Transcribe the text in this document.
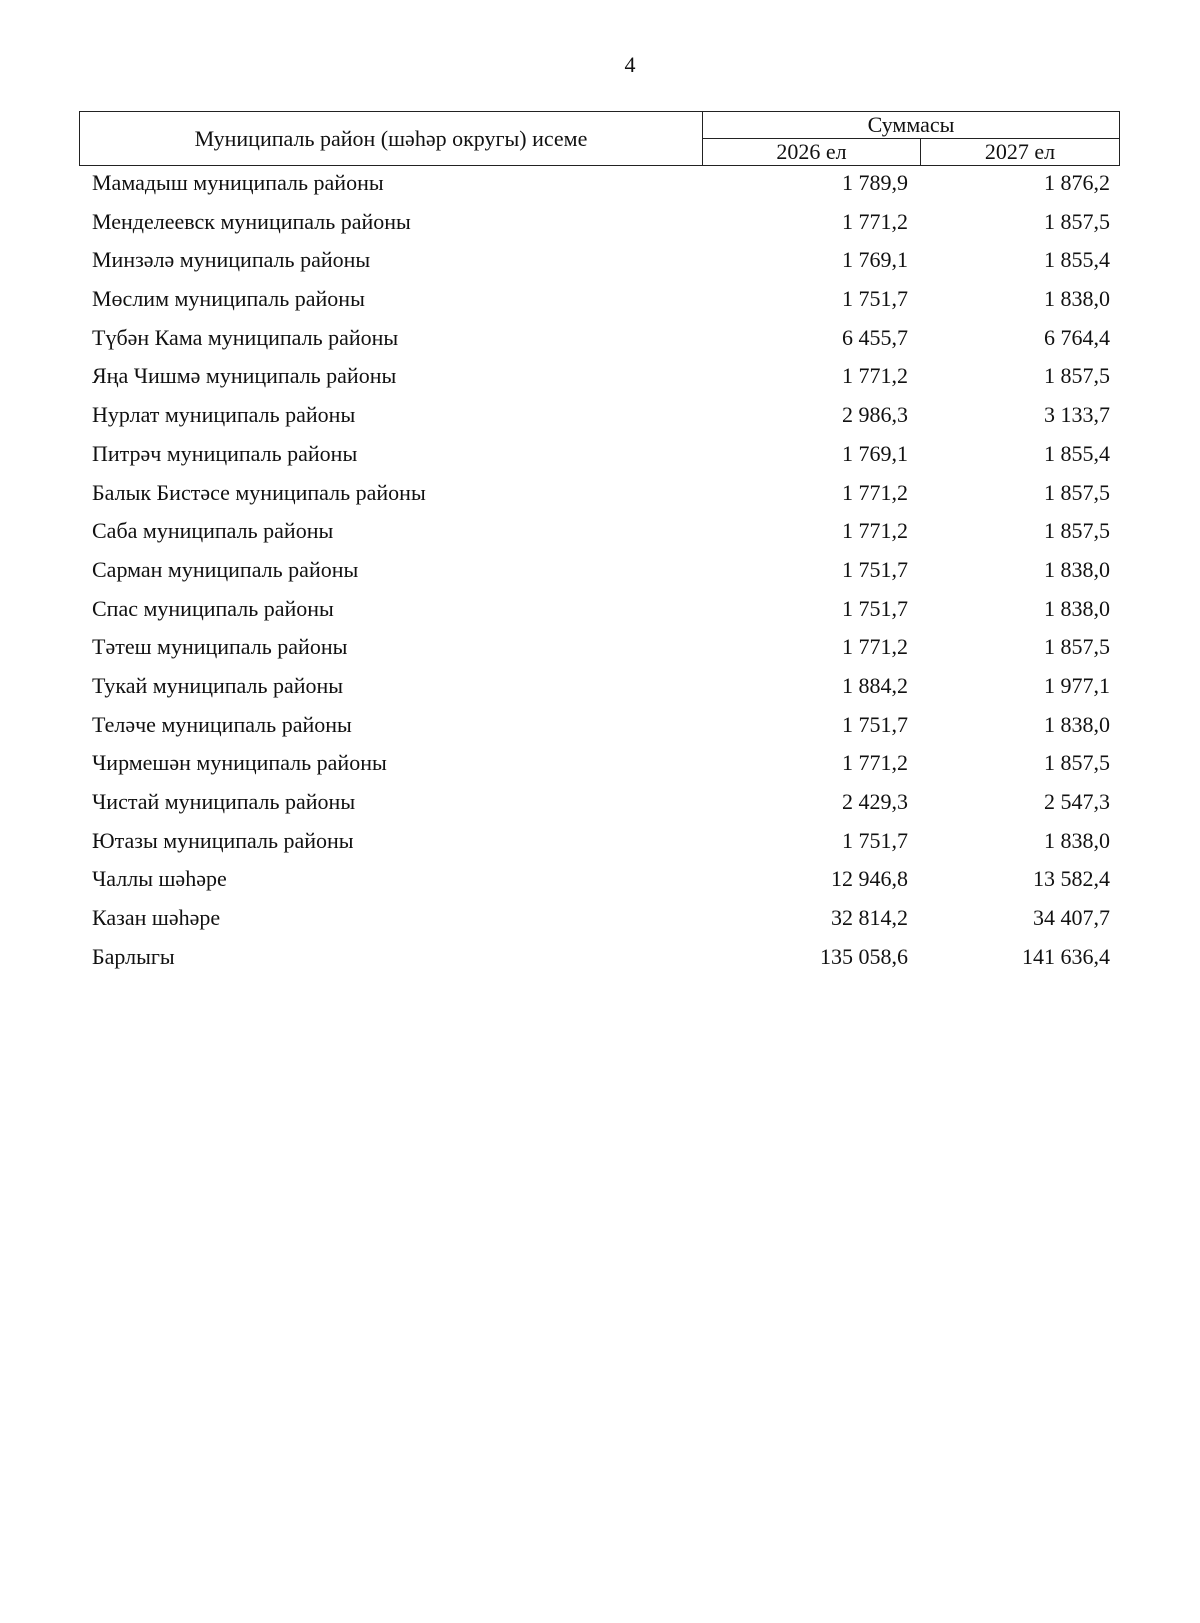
4
Муниципаль район (шәһәр округы) исеме	Суммасы	
	2026 ел	2027 ел
Мамадыш муниципаль районы	1 789,9	1 876,2
Менделеевск муниципаль районы	1 771,2	1 857,5
Минзәлә муниципаль районы	1 769,1	1 855,4
Мөслим муниципаль районы	1 751,7	1 838,0
Түбән Кама муниципаль районы	6 455,7	6 764,4
Яңа Чишмә муниципаль районы	1 771,2	1 857,5
Нурлат муниципаль районы	2 986,3	3 133,7
Питрәч муниципаль районы	1 769,1	1 855,4
Балык Бистәсе муниципаль районы	1 771,2	1 857,5
Саба муниципаль районы	1 771,2	1 857,5
Сарман муниципаль районы	1 751,7	1 838,0
Спас муниципаль районы	1 751,7	1 838,0
Тәтеш муниципаль районы	1 771,2	1 857,5
Тукай муниципаль районы	1 884,2	1 977,1
Теләче муниципаль районы	1 751,7	1 838,0
Чирмешән муниципаль районы	1 771,2	1 857,5
Чистай муниципаль районы	2 429,3	2 547,3
Ютазы муниципаль районы	1 751,7	1 838,0
Чаллы шәһәре	12 946,8	13 582,4
Казан шәһәре	32 814,2	34 407,7
Барлыгы	135 058,6	141 636,4
